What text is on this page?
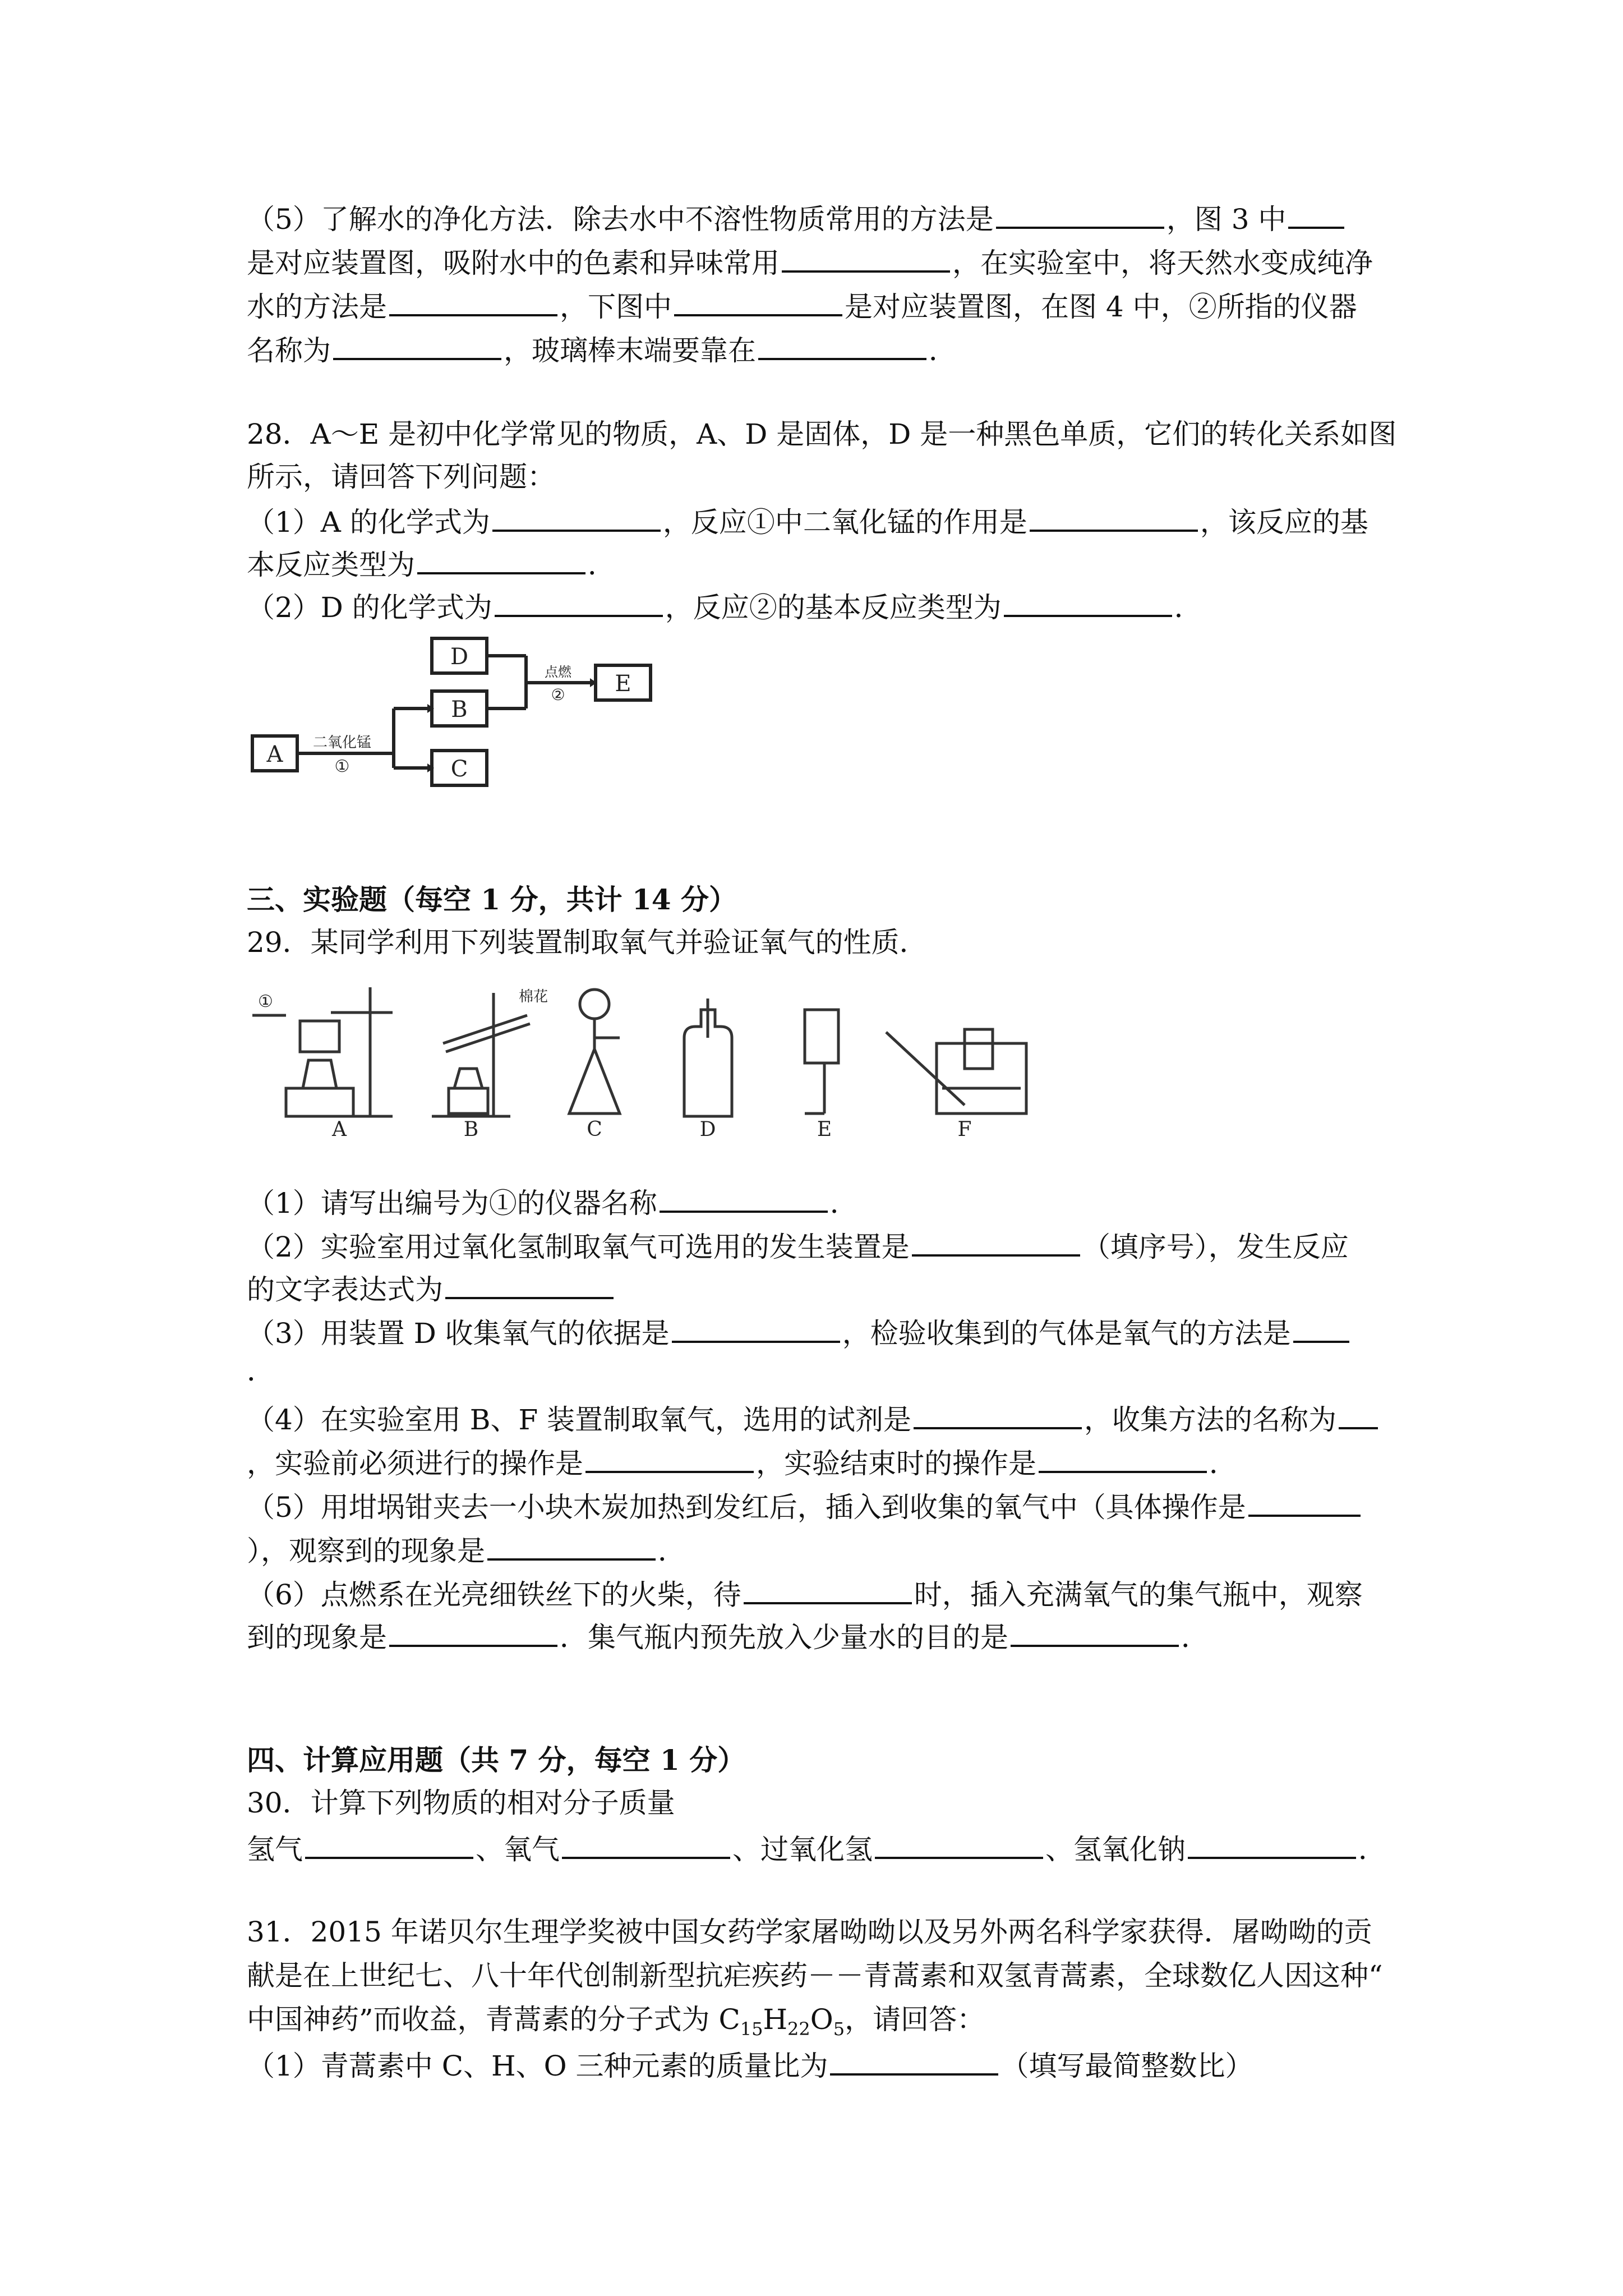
（5）了解水的净化方法．除去水中不溶性物质常用的方法是	，图 3 中
是对应装置图，吸附水中的色素和异味常用	，在实验室中，将天然水变成纯净
水的方法是	，下图中	是对应装置图，在图 4 中，②所指的仪器
名称为	，玻璃棒末端要靠在	．
28．A～E 是初中化学常见的物质，A、D 是固体，D 是一种黑色单质，它们的转化关系如图
所示，请回答下列问题：
（1）A 的化学式为	，反应①中二氧化锰的作用是	，该反应的基
本反应类型为	．
（2）D 的化学式为	，反应②的基本反应类型为	．
A
D
B
C
E
二氧化锰
①
点燃
②
三、实验题（每空 1 分，共计 14 分）
29．某同学利用下列装置制取氧气并验证氧气的性质．
①	棉花
A	B	C	D	E	F
（1）请写出编号为①的仪器名称	．
（2）实验室用过氧化氢制取氧气可选用的发生装置是	（填序号），发生反应
的文字表达式为
（3）用装置 D 收集氧气的依据是	，检验收集到的气体是氧气的方法是
．
（4）在实验室用 B、F 装置制取氧气，选用的试剂是	，收集方法的名称为
，实验前必须进行的操作是	，实验结束时的操作是	．
（5）用坩埚钳夹去一小块木炭加热到发红后，插入到收集的氧气中（具体操作是
），观察到的现象是	．
（6）点燃系在光亮细铁丝下的火柴，待	时，插入充满氧气的集气瓶中，观察
到的现象是	．集气瓶内预先放入少量水的目的是	．
四、计算应用题（共 7 分，每空 1 分）
30．计算下列物质的相对分子质量
氢气	、氧气	、过氧化氢	、氢氧化钠	．
31．2015 年诺贝尔生理学奖被中国女药学家屠呦呦以及另外两名科学家获得．屠呦呦的贡
献是在上世纪七、八十年代创制新型抗疟疾药－－青蒿素和双氢青蒿素，全球数亿人因这种“
中国神药”而收益，青蒿素的分子式为 $C_{15}H_{22}O_5$，请回答：
（1）青蒿素中 C、H、O 三种元素的质量比为	（填写最简整数比）
